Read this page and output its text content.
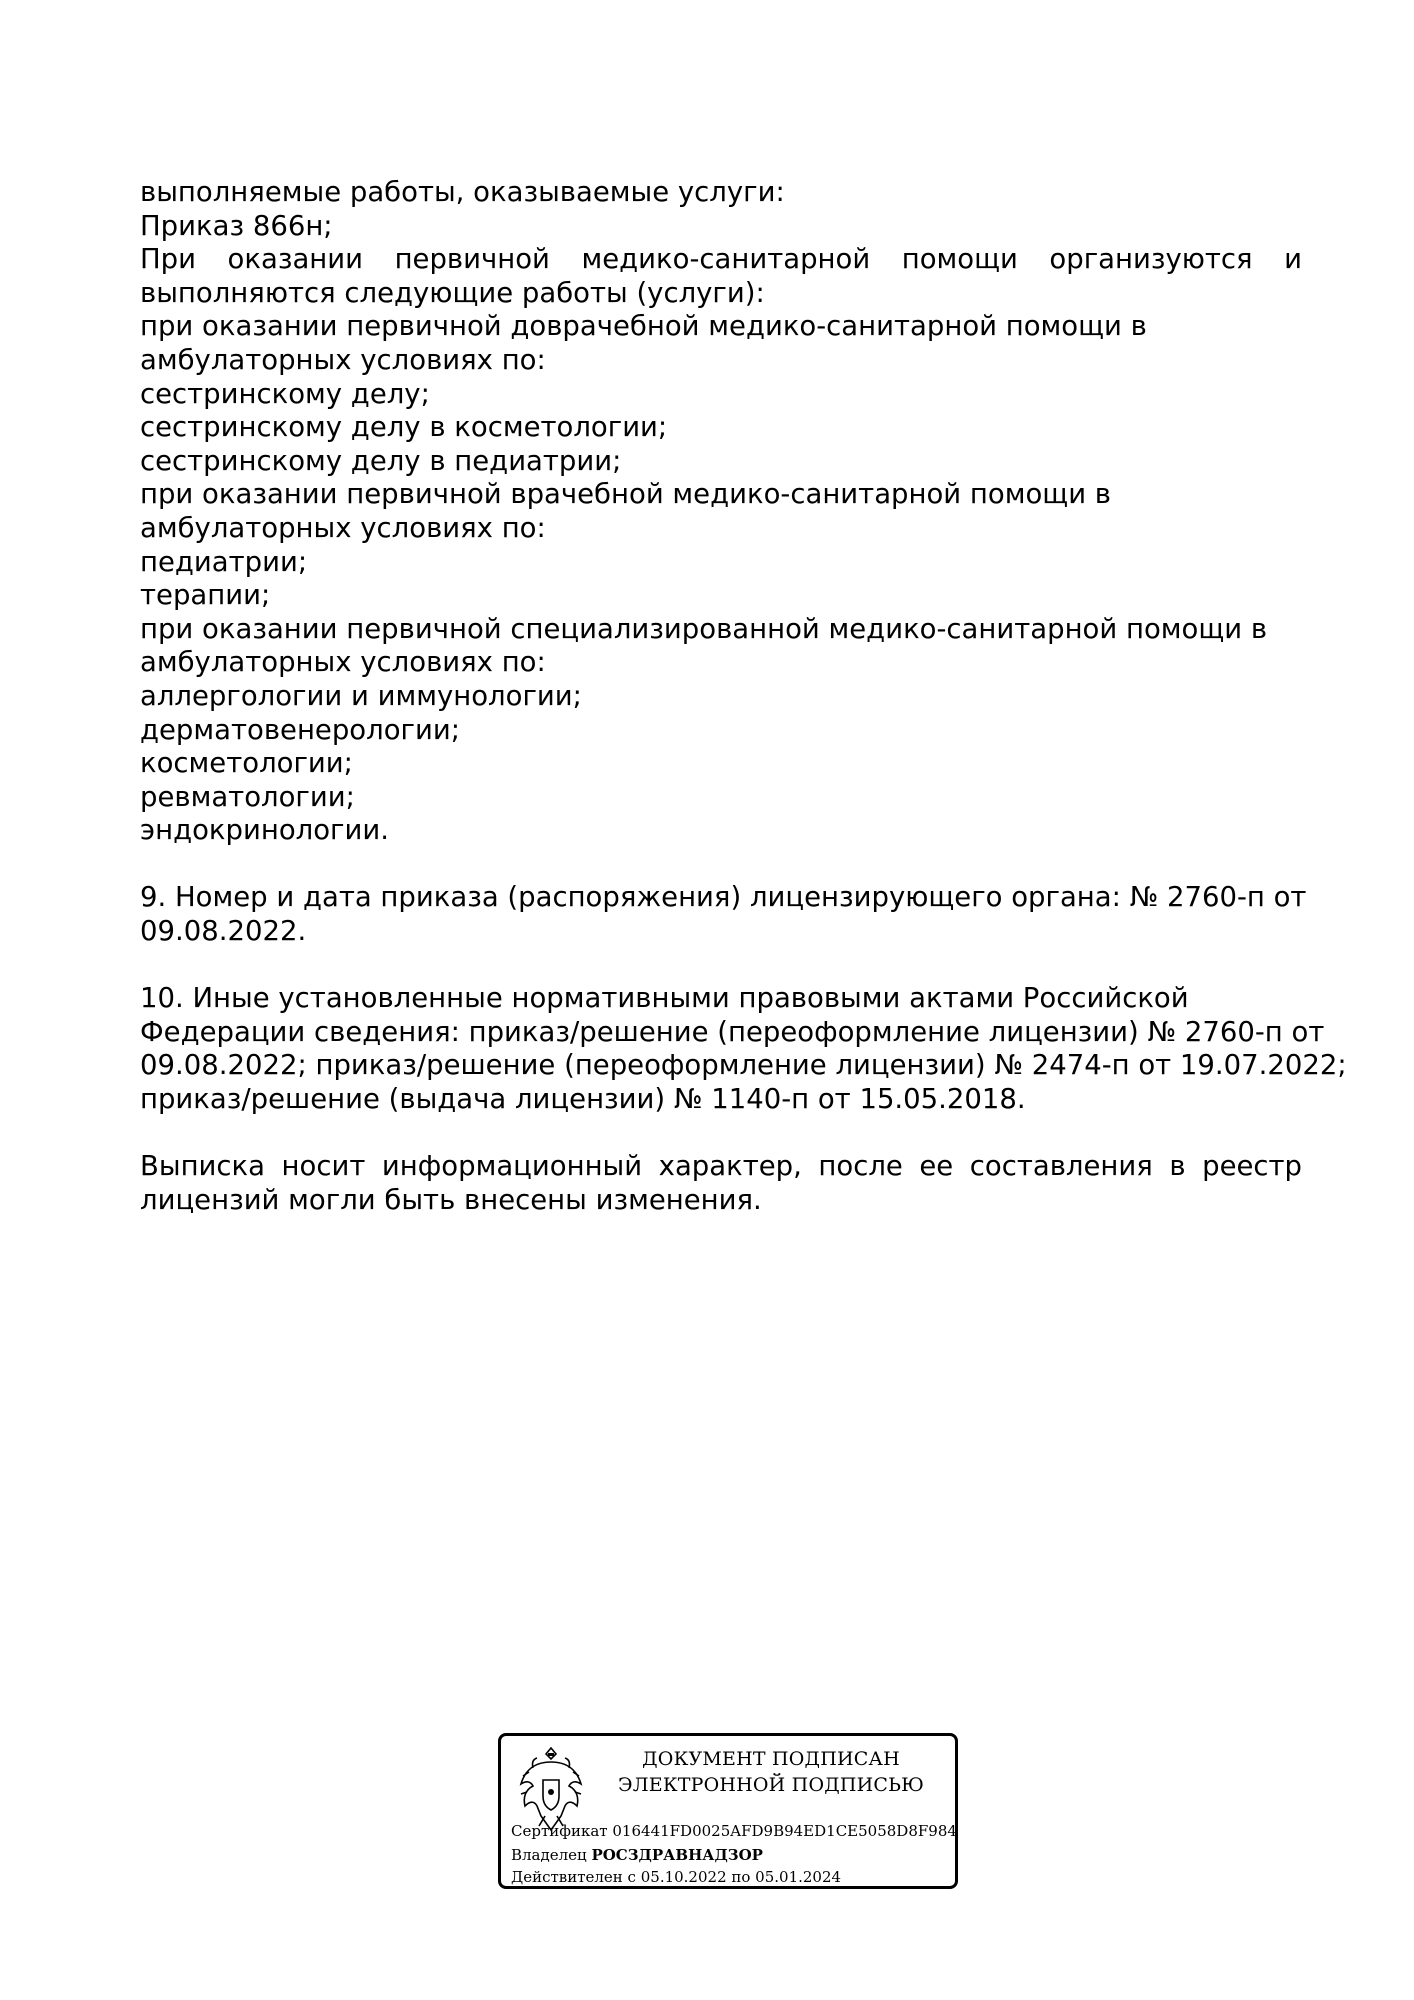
выполняемые работы, оказываемые услуги:
Приказ 866н;
При оказании первичной медико-санитарной помощи организуются и
выполняются следующие работы (услуги):
при оказании первичной доврачебной медико-санитарной помощи в
амбулаторных условиях по:
сестринскому делу;
сестринскому делу в косметологии;
сестринскому делу в педиатрии;
при оказании первичной врачебной медико-санитарной помощи в
амбулаторных условиях по:
педиатрии;
терапии;
при оказании первичной специализированной медико-санитарной помощи в
амбулаторных условиях по:
аллергологии и иммунологии;
дерматовенерологии;
косметологии;
ревматологии;
эндокринологии.
9. Номер и дата приказа (распоряжения) лицензирующего органа: № 2760-п от
09.08.2022.
10. Иные установленные нормативными правовыми актами Российской
Федерации сведения: приказ/решение (переоформление лицензии) № 2760-п от
09.08.2022; приказ/решение (переоформление лицензии) № 2474-п от 19.07.2022;
приказ/решение (выдача лицензии) № 1140-п от 15.05.2018.
Выписка носит информационный характер, после ее составления в реестр
лицензий могли быть внесены изменения.
ДОКУМЕНТ ПОДПИСАН
ЭЛЕКТРОННОЙ ПОДПИСЬЮ
Сертификат 016441FD0025AFD9B94ED1CE5058D8F984
Владелец РОСЗДРАВНАДЗОР
Действителен с 05.10.2022 по 05.01.2024
